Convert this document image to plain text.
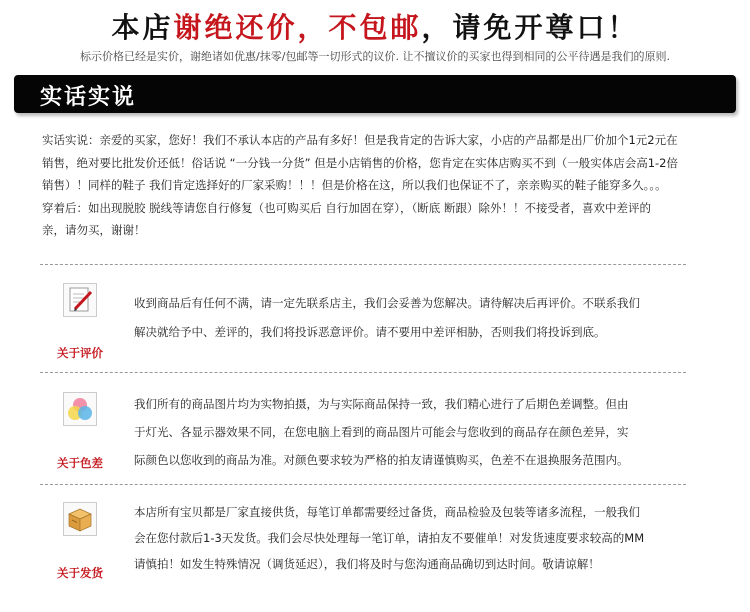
本店谢绝还价，不包邮，请免开尊口！
标示价格已经是实价，谢绝诸如优惠/抹零/包邮等一切形式的议价. 让不擅议价的买家也得到相同的公平待遇是我们的原则.
实话实说

实话实说：亲爱的买家，您好！我们不承认本店的产品有多好！但是我肯定的告诉大家，小店的产品都是出厂价加个1元2元在

销售，绝对要比批发价还低！俗话说 “一分钱一分货” 但是小店销售的价格，您肯定在实体店购买不到（一般实体店会高1-2倍

销售）！同样的鞋子 我们肯定选择好的厂家采购！！！但是价格在这，所以我们也保证不了，亲亲购买的鞋子能穿多久。。。

穿着后：如出现脱胶 脱线等请您自行修复（也可购买后 自行加固在穿），（断底 断跟）除外！！不接受者，喜欢中差评的

亲，请勿买，谢谢！

关于评价

收到商品后有任何不满，请一定先联系店主，我们会妥善为您解决。请待解决后再评价。不联系我们

解决就给予中、差评的，我们将投诉恶意评价。请不要用中差评相胁，否则我们将投诉到底。

关于色差

我们所有的商品图片均为实物拍摄，为与实际商品保持一致，我们精心进行了后期色差调整。但由

于灯光、各显示器效果不同，在您电脑上看到的商品图片可能会与您收到的商品存在颜色差异，实

际颜色以您收到的商品为准。对颜色要求较为严格的拍友请谨慎购买，色差不在退换服务范围内。

关于发货

本店所有宝贝都是厂家直接供货，每笔订单都需要经过备货，商品检验及包装等诸多流程，一般我们

会在您付款后1-3天发货。我们会尽快处理每一笔订单，请拍友不要催单！对发货速度要求较高的MM

请慎拍！如发生特殊情况（调货延迟），我们将及时与您沟通商品确切到达时间。敬请谅解！
